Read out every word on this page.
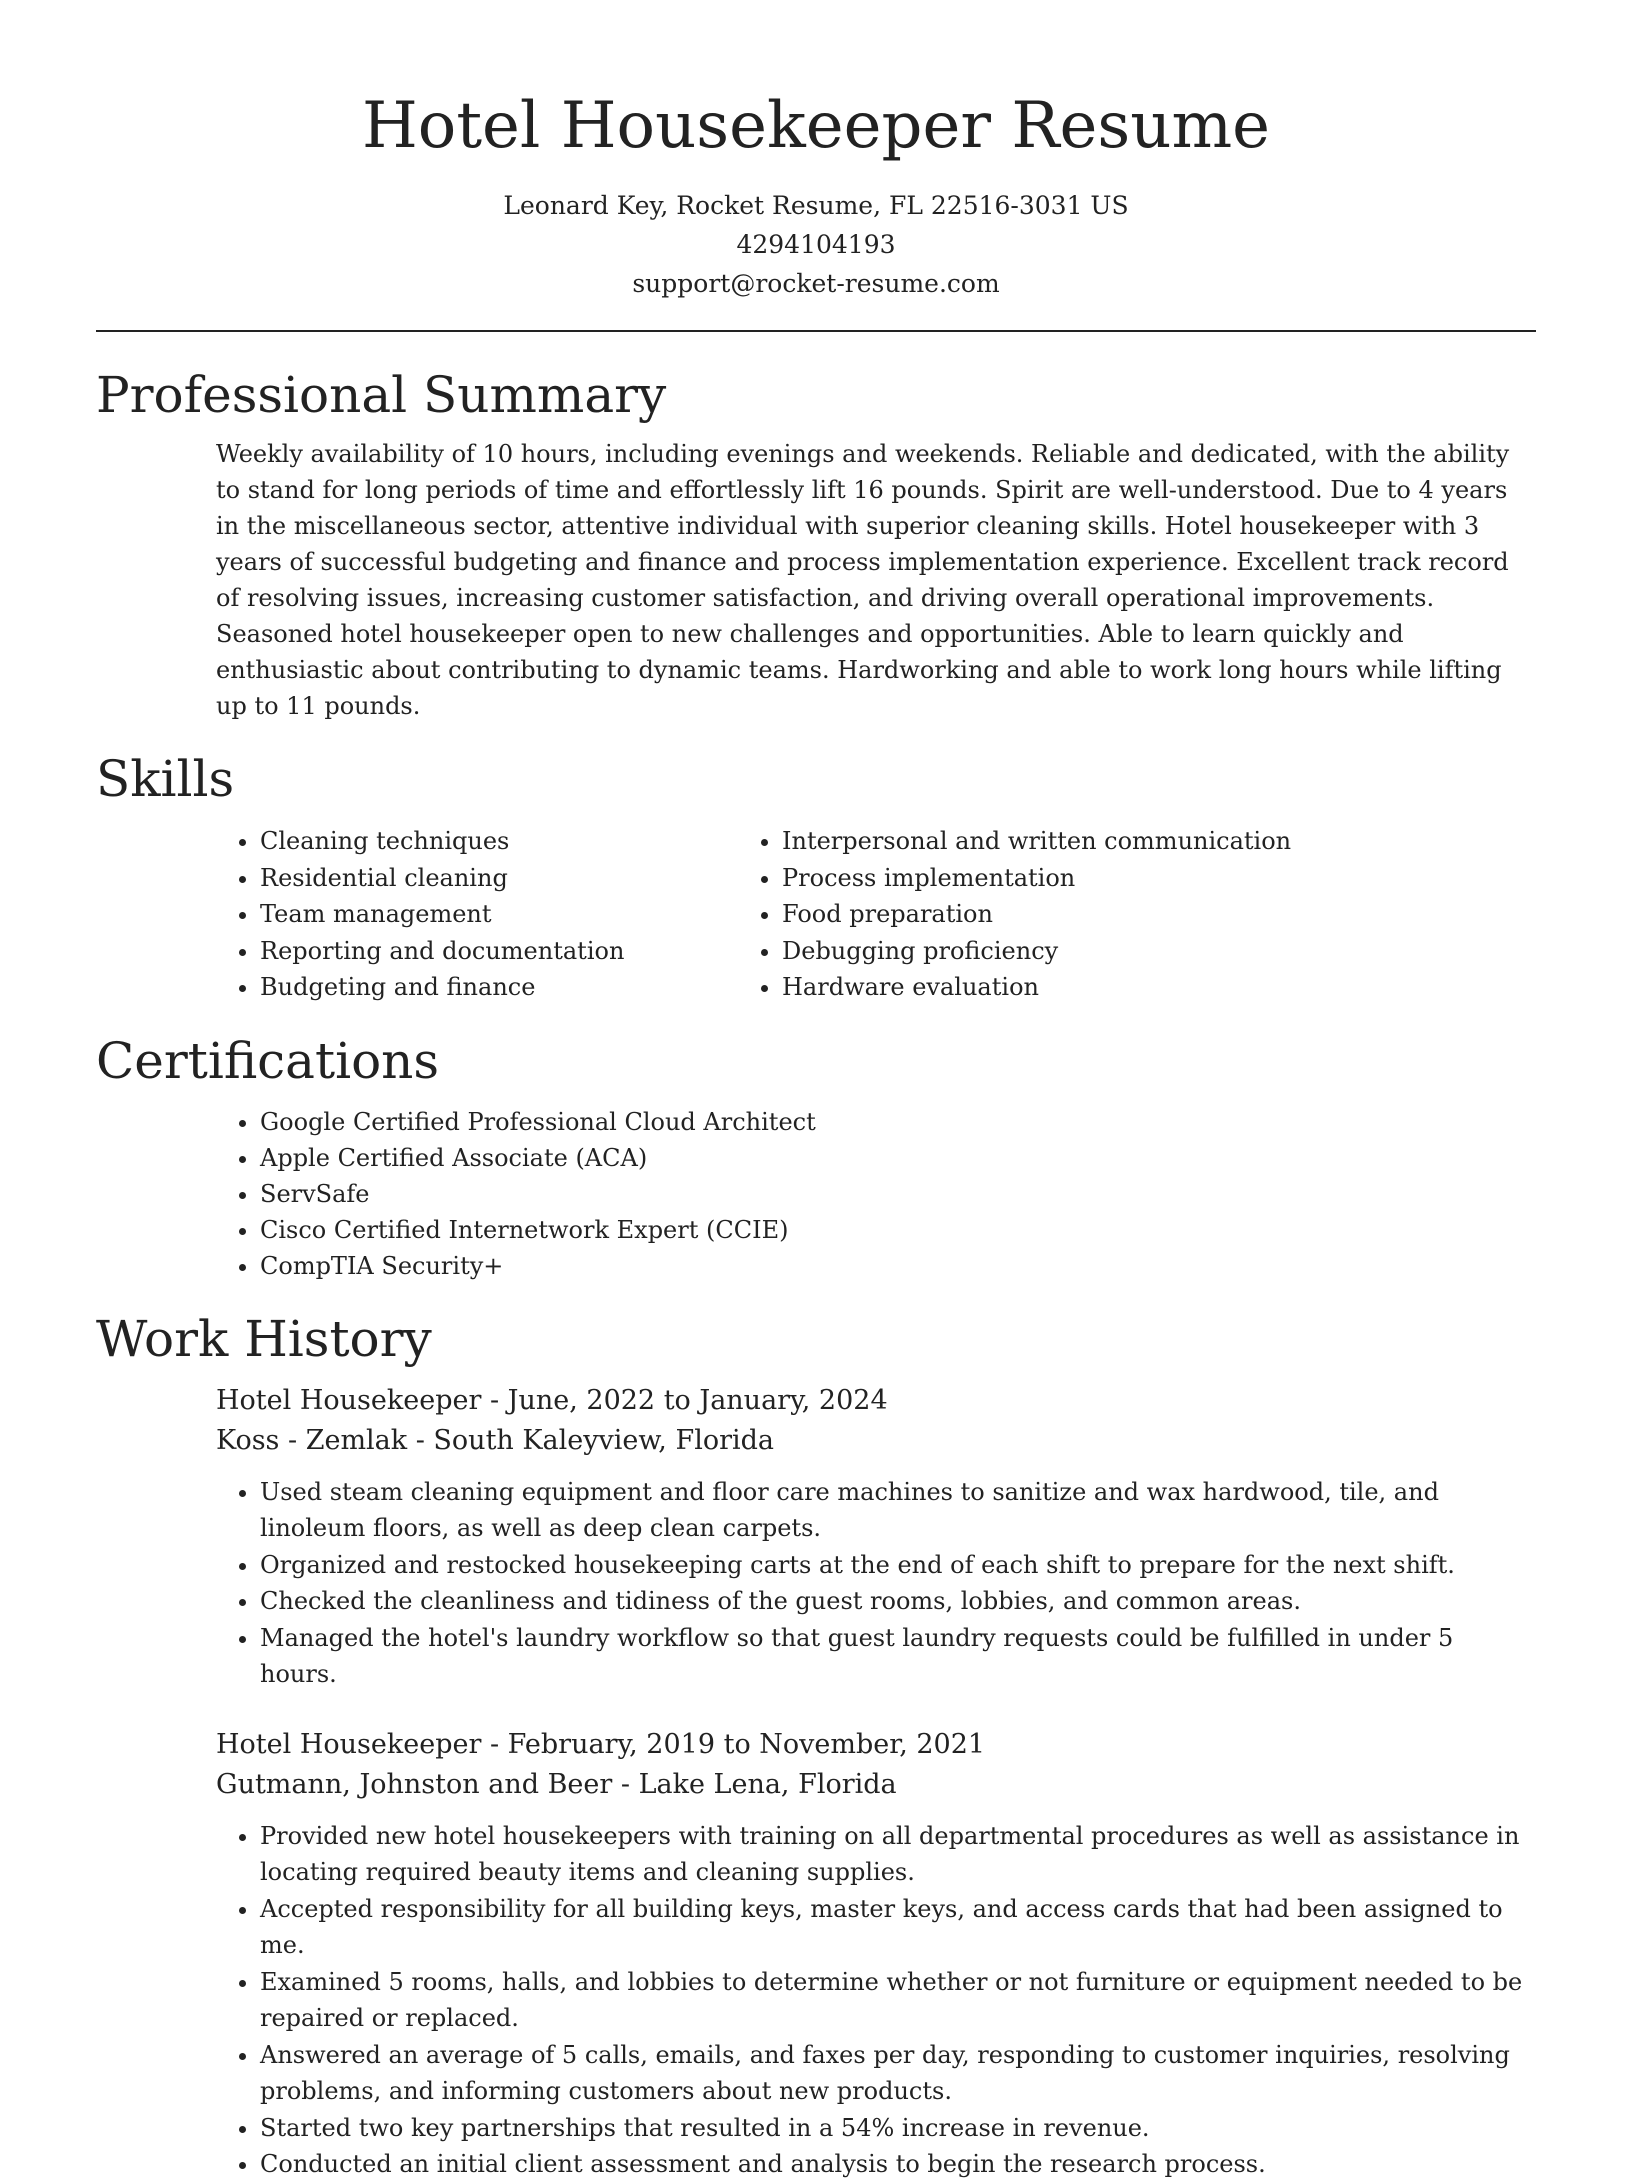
Hotel Housekeeper Resume
Leonard Key, Rocket Resume, FL 22516-3031 US
4294104193
support@rocket-resume.com
Professional Summary

Weekly availability of 10 hours, including evenings and weekends. Reliable and dedicated, with the ability to stand for long periods of time and effortlessly lift 16 pounds. Spirit are well-understood. Due to 4 years in the miscellaneous sector, attentive individual with superior cleaning skills. Hotel housekeeper with 3 years of successful budgeting and finance and process implementation experience. Excellent track record of resolving issues, increasing customer satisfaction, and driving overall operational improvements. Seasoned hotel housekeeper open to new challenges and opportunities. Able to learn quickly and enthusiastic about contributing to dynamic teams. Hardworking and able to work long hours while lifting up to 11 pounds.

Skills
• Cleaning techniques
• Residential cleaning
• Team management
• Reporting and documentation
• Budgeting and finance
• Interpersonal and written communication
• Process implementation
• Food preparation
• Debugging proficiency
• Hardware evaluation
Certifications
• Google Certified Professional Cloud Architect
• Apple Certified Associate (ACA)
• ServSafe
• Cisco Certified Internetwork Expert (CCIE)
• CompTIA Security+
Work History
Hotel Housekeeper - June, 2022 to January, 2024
Koss - Zemlak - South Kaleyview, Florida
• Used steam cleaning equipment and floor care machines to sanitize and wax hardwood, tile, and linoleum floors, as well as deep clean carpets.
• Organized and restocked housekeeping carts at the end of each shift to prepare for the next shift.
• Checked the cleanliness and tidiness of the guest rooms, lobbies, and common areas.
• Managed the hotel's laundry workflow so that guest laundry requests could be fulfilled in under 5 hours.
Hotel Housekeeper - February, 2019 to November, 2021
Gutmann, Johnston and Beer - Lake Lena, Florida
• Provided new hotel housekeepers with training on all departmental procedures as well as assistance in locating required beauty items and cleaning supplies.
• Accepted responsibility for all building keys, master keys, and access cards that had been assigned to me.
• Examined 5 rooms, halls, and lobbies to determine whether or not furniture or equipment needed to be repaired or replaced.
• Answered an average of 5 calls, emails, and faxes per day, responding to customer inquiries, resolving problems, and informing customers about new products.
• Started two key partnerships that resulted in a 54% increase in revenue.
• Conducted an initial client assessment and analysis to begin the research process.
